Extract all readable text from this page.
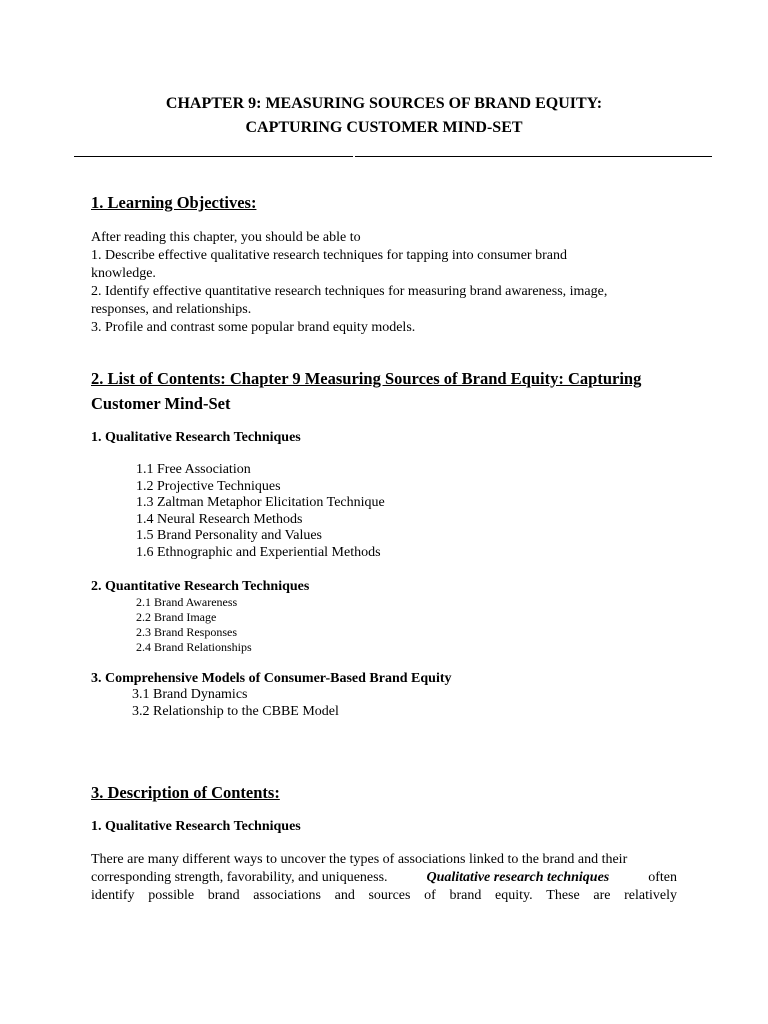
CHAPTER 9: MEASURING SOURCES OF BRAND EQUITY:
CAPTURING CUSTOMER MIND-SET
1. Learning Objectives:
After reading this chapter, you should be able to
1. Describe effective qualitative research techniques for tapping into consumer brand
knowledge.
2. Identify effective quantitative research techniques for measuring brand awareness, image,
responses, and relationships.
3. Profile and contrast some popular brand equity models.
2. List of Contents: Chapter 9 Measuring Sources of Brand Equity: Capturing
Customer Mind-Set
1. Qualitative Research Techniques
1.1 Free Association
1.2 Projective Techniques
1.3 Zaltman Metaphor Elicitation Technique
1.4 Neural Research Methods
1.5 Brand Personality and Values
1.6 Ethnographic and Experiential Methods
2. Quantitative Research Techniques
2.1 Brand Awareness
2.2 Brand Image
2.3 Brand Responses
2.4 Brand Relationships
3. Comprehensive Models of Consumer-Based Brand Equity
3.1 Brand Dynamics
3.2 Relationship to the CBBE Model
3. Description of Contents:
1. Qualitative Research Techniques
There are many different ways to uncover the types of associations linked to the brand and their
corresponding strength, favorability, and uniqueness.	Qualitative research techniques	often
identify possible brand associations and sources of brand equity. These are relatively
